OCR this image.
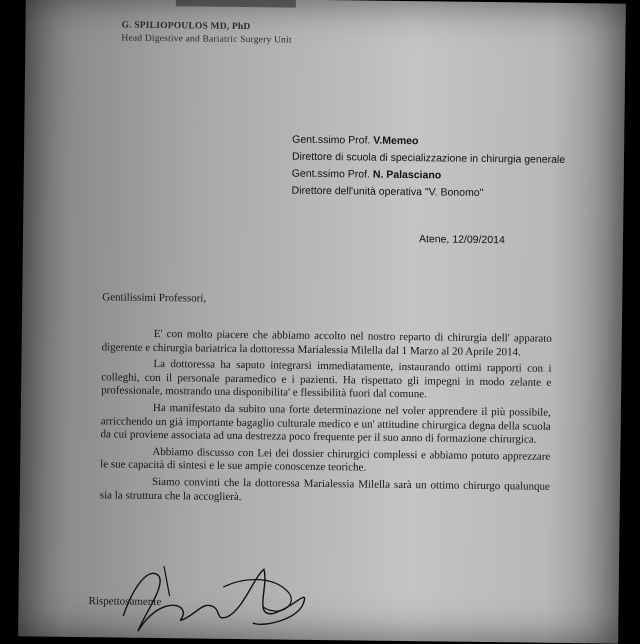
G. SPILIOPOULOS MD, PhD
Head Digestive and Bariatric Surgery Unit
Gent.ssimo Prof. V.Memeo
Direttore di scuola di specializzazione in chirurgia generale
Gent.ssimo Prof. N. Palasciano
Direttore dell'unità operativa "V. Bonomo"
Atene, 12/09/2014
Gentilissimi Professori,

E' con molto piacere che abbiamo accolto nel nostro reparto di chirurgia dell' apparato digerente e chirurgia bariatrica la dottoressa Marialessia Milella dal 1 Marzo al 20 Aprile 2014.

La dottoressa ha saputo integrarsi immediatamente, instaurando ottimi rapporti con i colleghi, con il personale paramedico e i pazienti. Ha rispettato gli impegni in modo zelante e professionale, mostrando una disponibilita' e flessibilità fuori dal comune.

Ha manifestato da subito una forte determinazione nel voler apprendere il più possibile, arricchendo un già importante bagaglio culturale medico e un' attitudine chirurgica degna della scuola da cui proviene associata ad una destrezza poco frequente per il suo anno di formazione chirurgica.

Abbiamo discusso con Lei dei dossier chirurgici complessi e abbiamo potuto apprezzare le sue capacità di sintesi e le sue ampie conoscenze teoriche.

Siamo convinti che la dottoressa Marialessia Milella sarà un ottimo chirurgo qualunque sia la struttura che la accoglierà.

Rispettosamente
